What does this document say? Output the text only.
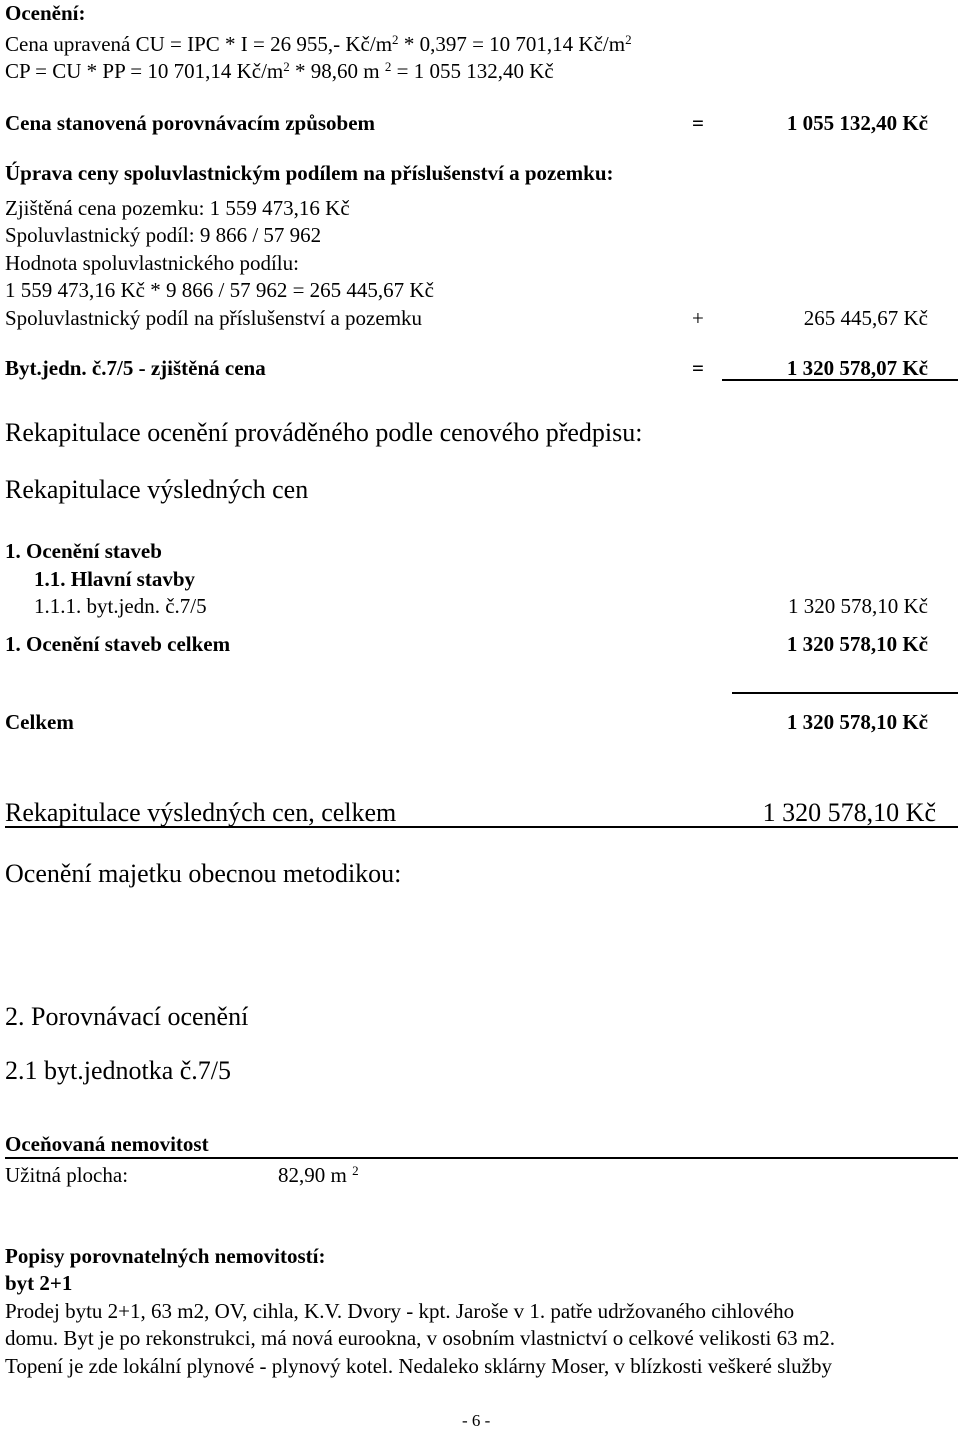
Ocenění:
Cena upravená CU = IPC * I = 26 955,- $Kč/m^2 * 0,397 = 10$ 701,14 $Kč/m^2$
CP = CU * PP = 10 701,14 $Kč/m^2 * 98,60$ m $^2$ = 1 055 132,40 Kč
Cena stanovená porovnávacím způsobem	=	1 055 132,40 Kč
Úprava ceny spoluvlastnickým podílem na příslušenství a pozemku:
Zjištěná cena pozemku: 1 559 473,16 Kč
Spoluvlastnický podíl: 9 866 / 57 962
Hodnota spoluvlastnického podílu:
1 559 473,16 Kč * 9 866 / 57 962 = 265 445,67 Kč
Spoluvlastnický podíl na příslušenství a pozemku	+	265 445,67 Kč
Byt.jedn. č.7/5 - zjištěná cena	=	1 320 578,07 Kč
Rekapitulace ocenění prováděného podle cenového předpisu:
Rekapitulace výsledných cen
1. Ocenění staveb
1.1. Hlavní stavby
1.1.1. byt.jedn. č.7/5	1 320 578,10 Kč
1. Ocenění staveb celkem	1 320 578,10 Kč
Celkem	1 320 578,10 Kč
Rekapitulace výsledných cen, celkem	1 320 578,10 Kč
Ocenění majetku obecnou metodikou:
2. Porovnávací ocenění
2.1 byt.jednotka č.7/5
Oceňovaná nemovitost
Užitná plocha:	82,90 m $^2$
Popisy porovnatelných nemovitostí:
byt 2+1
Prodej bytu 2+1, 63 m2, OV, cihla, K.V. Dvory - kpt. Jaroše v 1. patře udržovaného cihlového
domu. Byt je po rekonstrukci, má nová eurookna, v osobním vlastnictví o celkové velikosti 63 m2.
Topení je zde lokální plynové - plynový kotel. Nedaleko sklárny Moser, v blízkosti veškeré služby
- 6 -
